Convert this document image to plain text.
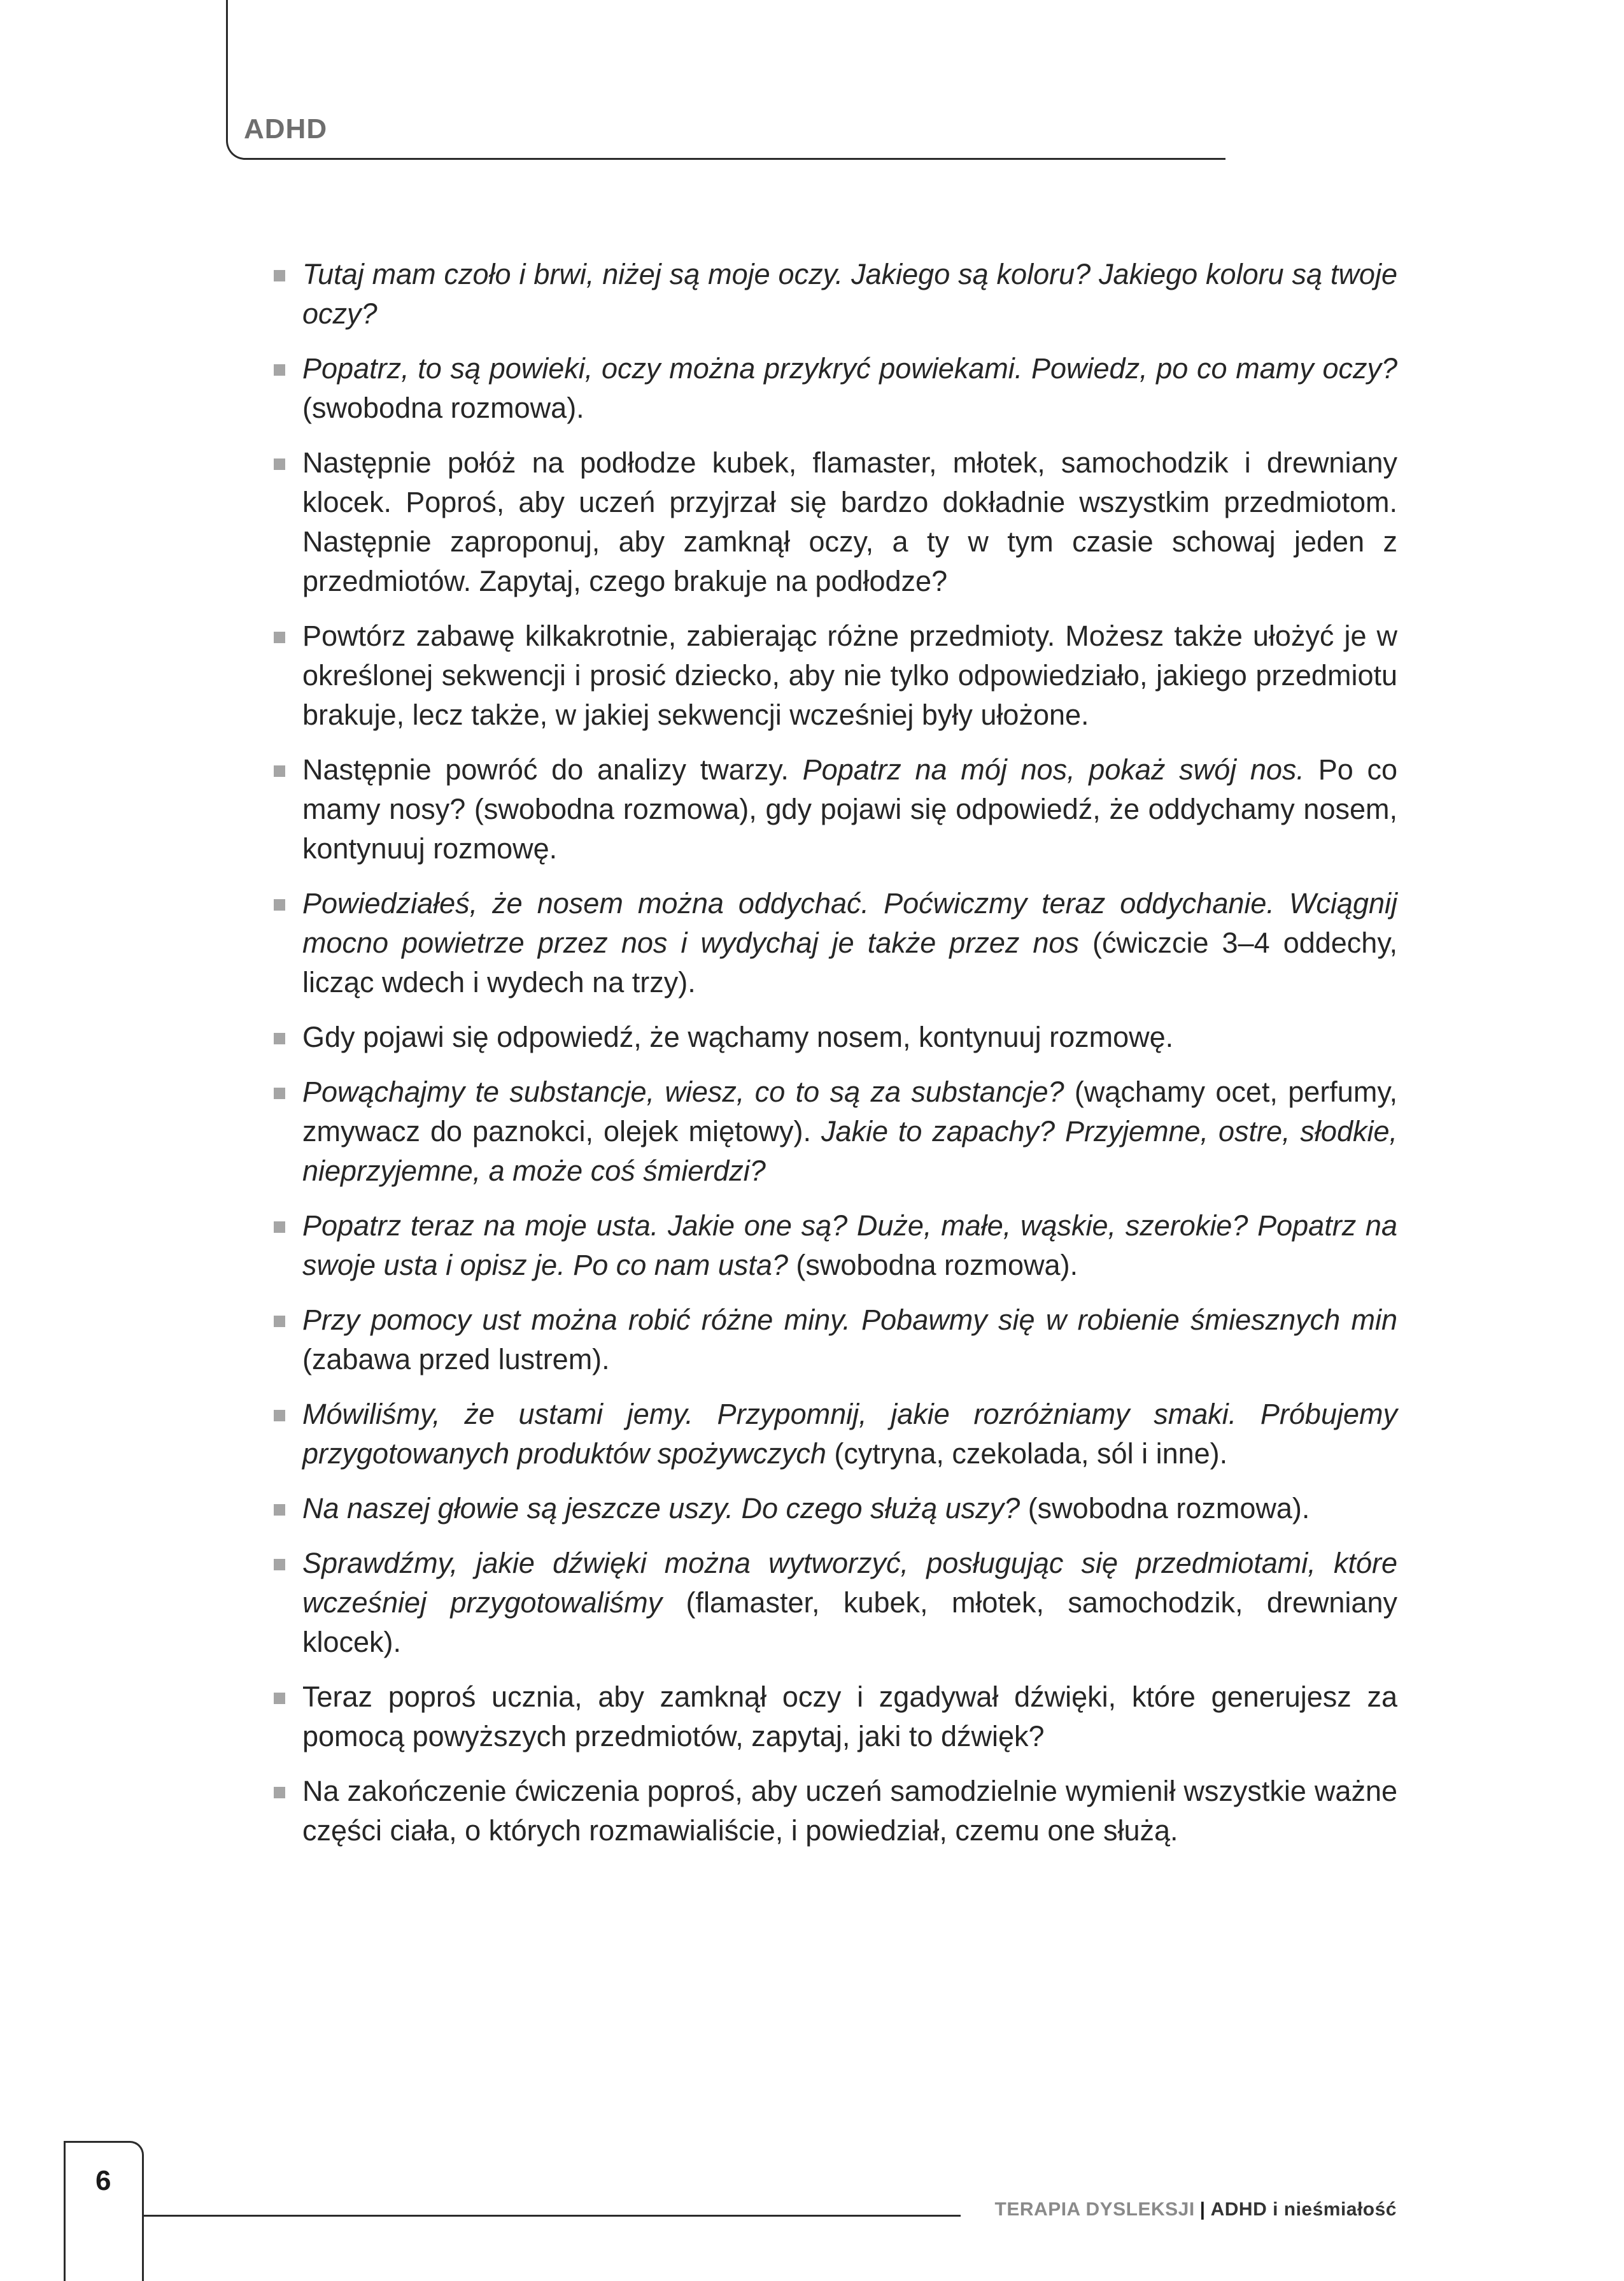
ADHD
Tutaj mam czoło i brwi, niżej są moje oczy. Jakiego są koloru? Jakiego koloru są twoje oczy?
Popatrz, to są powieki, oczy można przykryć powiekami. Powiedz, po co mamy oczy? (swobodna rozmowa).
Następnie połóż na podłodze kubek, flamaster, młotek, samochodzik i drewniany klocek. Poproś, aby uczeń przyjrzał się bardzo dokładnie wszystkim przedmiotom. Następnie zaproponuj, aby zamknął oczy, a ty w tym czasie schowaj jeden z przedmiotów. Zapytaj, czego brakuje na podłodze?
Powtórz zabawę kilkakrotnie, zabierając różne przedmioty. Możesz także ułożyć je w określonej sekwencji i prosić dziecko, aby nie tylko odpowiedziało, jakiego przedmiotu brakuje, lecz także, w jakiej sekwencji wcześniej były ułożone.
Następnie powróć do analizy twarzy. Popatrz na mój nos, pokaż swój nos. Po co mamy nosy? (swobodna rozmowa), gdy pojawi się odpowiedź, że oddychamy nosem, kontynuuj rozmowę.
Powiedziałeś, że nosem można oddychać. Poćwiczmy teraz oddychanie. Wciągnij mocno powietrze przez nos i wydychaj je także przez nos (ćwiczcie 3–4 oddechy, licząc wdech i wydech na trzy).
Gdy pojawi się odpowiedź, że wąchamy nosem, kontynuuj rozmowę.
Powąchajmy te substancje, wiesz, co to są za substancje? (wąchamy ocet, perfumy, zmywacz do paznokci, olejek miętowy). Jakie to zapachy? Przyjemne, ostre, słodkie, nieprzyjemne, a może coś śmierdzi?
Popatrz teraz na moje usta. Jakie one są? Duże, małe, wąskie, szerokie? Popatrz na swoje usta i opisz je. Po co nam usta? (swobodna rozmowa).
Przy pomocy ust można robić różne miny. Pobawmy się w robienie śmiesznych min (zabawa przed lustrem).
Mówiliśmy, że ustami jemy. Przypomnij, jakie rozróżniamy smaki. Próbujemy przygotowanych produktów spożywczych (cytryna, czekolada, sól i inne).
Na naszej głowie są jeszcze uszy. Do czego służą uszy? (swobodna rozmowa).
Sprawdźmy, jakie dźwięki można wytworzyć, posługując się przedmiotami, które wcześniej przygotowaliśmy (flamaster, kubek, młotek, samochodzik, drewniany klocek).
Teraz poproś ucznia, aby zamknął oczy i zgadywał dźwięki, które generujesz za pomocą powyższych przedmiotów, zapytaj, jaki to dźwięk?
Na zakończenie ćwiczenia poproś, aby uczeń samodzielnie wymienił wszystkie ważne części ciała, o których rozmawialiście, i powiedział, czemu one służą.
6
TERAPIA DYSLEKSJI | ADHD i nieśmiałość
